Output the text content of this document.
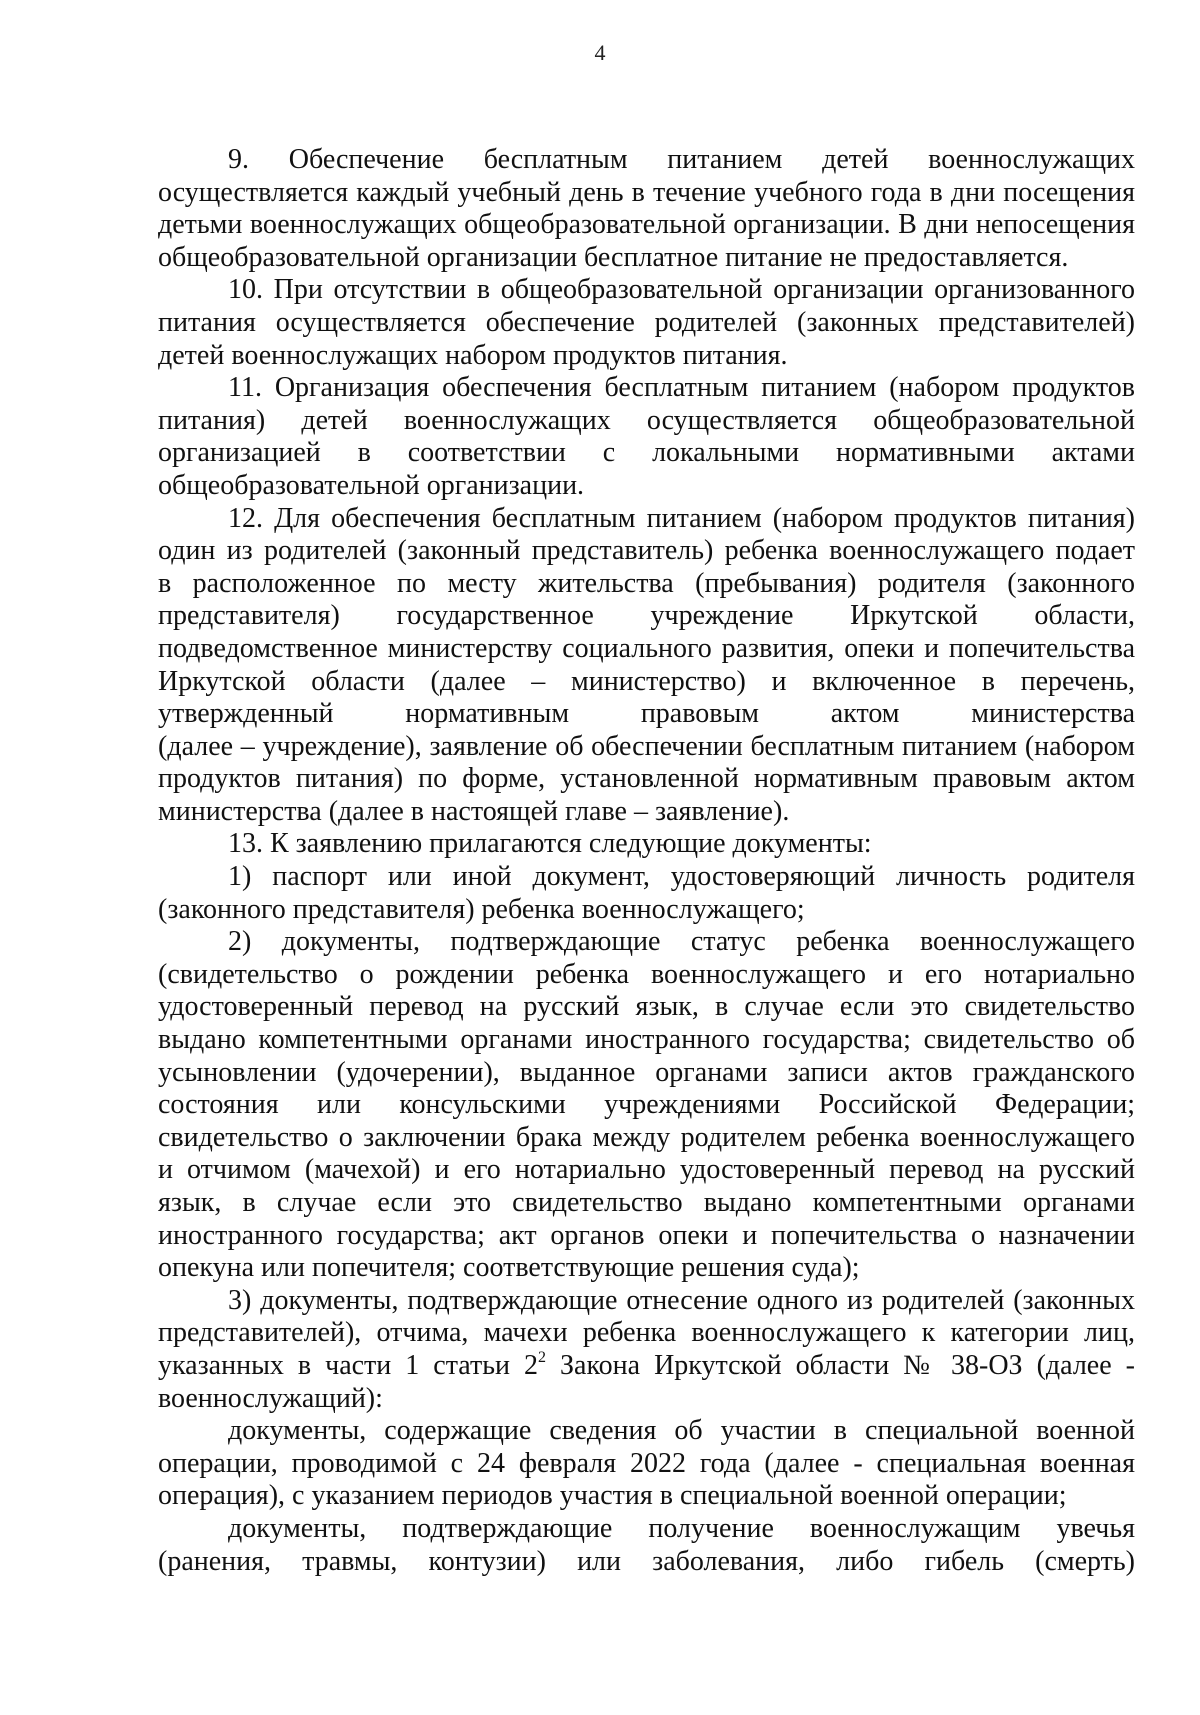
4

9. Обеспечение бесплатным питанием детей военнослужащих
осуществляется каждый учебный день в течение учебного года в дни посещения
детьми военнослужащих общеобразовательной организации. В дни непосещения
общеобразовательной организации бесплатное питание не предоставляется.
10. При отсутствии в общеобразовательной организации организованного
питания осуществляется обеспечение родителей (законных представителей)
детей военнослужащих набором продуктов питания.
11. Организация обеспечения бесплатным питанием (набором продуктов
питания) детей военнослужащих осуществляется общеобразовательной
организацией в соответствии с локальными нормативными актами
общеобразовательной организации.
12. Для обеспечения бесплатным питанием (набором продуктов питания)
один из родителей (законный представитель) ребенка военнослужащего подает
в расположенное по месту жительства (пребывания) родителя (законного
представителя) государственное учреждение Иркутской области,
подведомственное министерству социального развития, опеки и попечительства
Иркутской области (далее – министерство) и включенное в перечень,
утвержденный нормативным правовым актом министерства
(далее – учреждение), заявление об обеспечении бесплатным питанием (набором
продуктов питания) по форме, установленной нормативным правовым актом
министерства (далее в настоящей главе – заявление).
13. К заявлению прилагаются следующие документы:
1) паспорт или иной документ, удостоверяющий личность родителя
(законного представителя) ребенка военнослужащего;
2) документы, подтверждающие статус ребенка военнослужащего
(свидетельство о рождении ребенка военнослужащего и его нотариально
удостоверенный перевод на русский язык, в случае если это свидетельство
выдано компетентными органами иностранного государства; свидетельство об
усыновлении (удочерении), выданное органами записи актов гражданского
состояния или консульскими учреждениями Российской Федерации;
свидетельство о заключении брака между родителем ребенка военнослужащего
и отчимом (мачехой) и его нотариально удостоверенный перевод на русский
язык, в случае если это свидетельство выдано компетентными органами
иностранного государства; акт органов опеки и попечительства о назначении
опекуна или попечителя; соответствующие решения суда);
3) документы, подтверждающие отнесение одного из родителей (законных
представителей), отчима, мачехи ребенка военнослужащего к категории лиц,
указанных в части 1 статьи $2^2$ Закона Иркутской области № 38-ОЗ (далее -
военнослужащий):
документы, содержащие сведения об участии в специальной военной
операции, проводимой с 24 февраля 2022 года (далее - специальная военная
операция), с указанием периодов участия в специальной военной операции;
документы, подтверждающие получение военнослужащим увечья
(ранения, травмы, контузии) или заболевания, либо гибель (смерть)
